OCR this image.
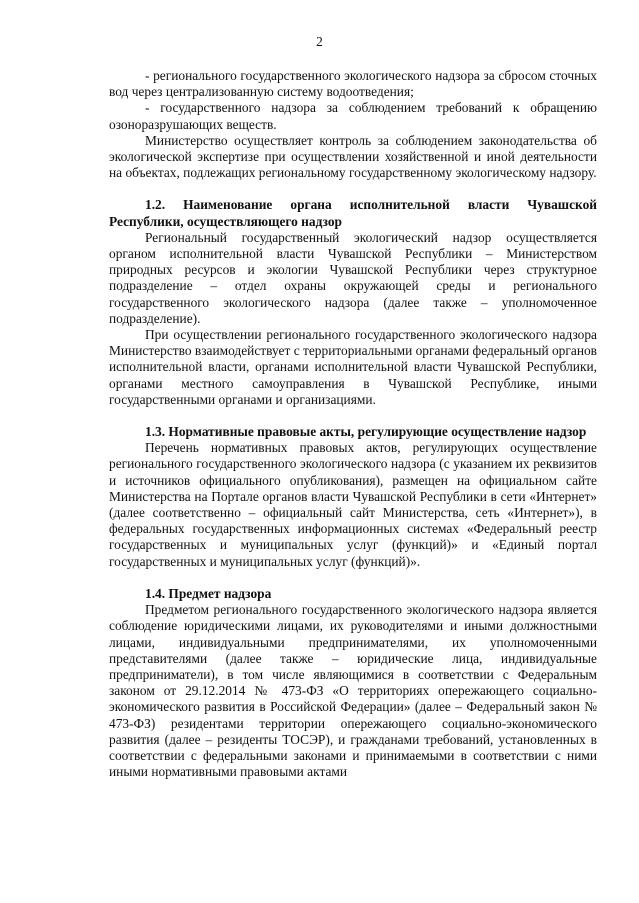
2

- регионального государственного экологического надзора за сбросом сточных вод через централизованную систему водоотведения;

- государственного надзора за соблюдением требований к обращению озоноразрушающих веществ.

Министерство осуществляет контроль за соблюдением законодательства об экологической экспертизе при осуществлении хозяйственной и иной деятельности на объектах, подлежащих региональному государственному экологическому надзору.

1.2. Наименование органа исполнительной власти Чувашской Республики, осуществляющего надзор

Региональный государственный экологический надзор осуществляется органом исполнительной власти Чувашской Республики – Министерством природных ресурсов и экологии Чувашской Республики через структурное подразделение – отдел охраны окружающей среды и регионального государственного экологического надзора (далее также – уполномоченное подразделение).

При осуществлении регионального государственного экологического надзора Министерство взаимодействует с территориальными органами федеральный органов исполнительной власти, органами исполнительной власти Чувашской Республики, органами местного самоуправления в Чувашской Республике, иными государственными органами и организациями.

1.3. Нормативные правовые акты, регулирующие осуществление надзор

Перечень нормативных правовых актов, регулирующих осуществление регионального государственного экологического надзора (с указанием их реквизитов и источников официального опубликования), размещен на официальном сайте Министерства на Портале органов власти Чувашской Республики в сети «Интернет» (далее соответственно – официальный сайт Министерства, сеть «Интернет»), в федеральных государственных информационных системах «Федеральный реестр государственных и муниципальных услуг (функций)» и «Единый портал государственных и муниципальных услуг (функций)».

1.4. Предмет надзора

Предметом регионального государственного экологического надзора является соблюдение юридическими лицами, их руководителями и иными должностными лицами, индивидуальными предпринимателями, их уполномоченными представителями (далее также – юридические лица, индивидуальные предприниматели), в том числе являющимися в соответствии с Федеральным законом от 29.12.2014 № 473-ФЗ «О территориях опережающего социально-экономического развития в Российской Федерации» (далее – Федеральный закон № 473-ФЗ) резидентами территории опережающего социально-экономического развития (далее – резиденты ТОСЭР), и гражданами требований, установленных в соответствии с федеральными законами и принимаемыми в соответствии с ними иными нормативными правовыми актами
